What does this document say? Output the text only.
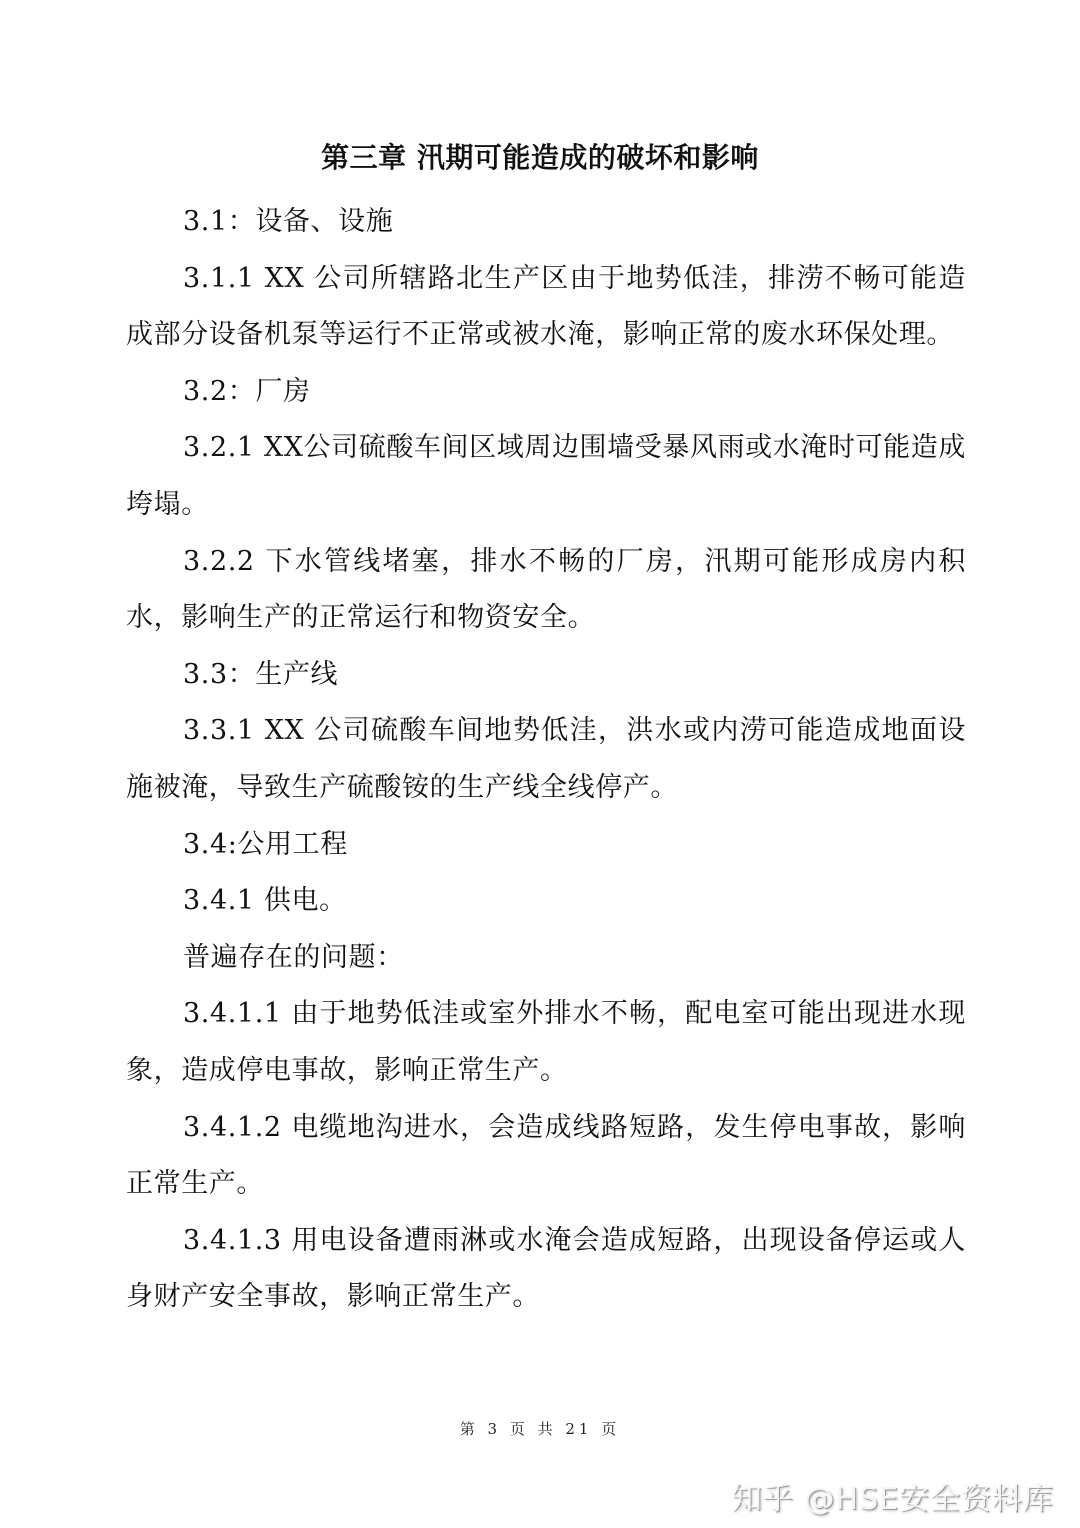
第三章 汛期可能造成的破坏和影响

3.1：设备、设施

3.1.1 XX 公司所辖路北生产区由于地势低洼，排涝不畅可能造成部分设备机泵等运行不正常或被水淹，影响正常的废水环保处理。

3.2：厂房

3.2.1 XX公司硫酸车间区域周边围墙受暴风雨或水淹时可能造成垮塌。

3.2.2 下水管线堵塞，排水不畅的厂房，汛期可能形成房内积水，影响生产的正常运行和物资安全。

3.3：生产线

3.3.1 XX 公司硫酸车间地势低洼，洪水或内涝可能造成地面设施被淹，导致生产硫酸铵的生产线全线停产。

3.4:公用工程

3.4.1 供电。

普遍存在的问题：

3.4.1.1 由于地势低洼或室外排水不畅，配电室可能出现进水现象，造成停电事故，影响正常生产。

3.4.1.2 电缆地沟进水，会造成线路短路，发生停电事故，影响正常生产。

3.4.1.3 用电设备遭雨淋或水淹会造成短路，出现设备停运或人身财产安全事故，影响正常生产。

第 3 页 共 21 页
知乎 @HSE安全资料库
